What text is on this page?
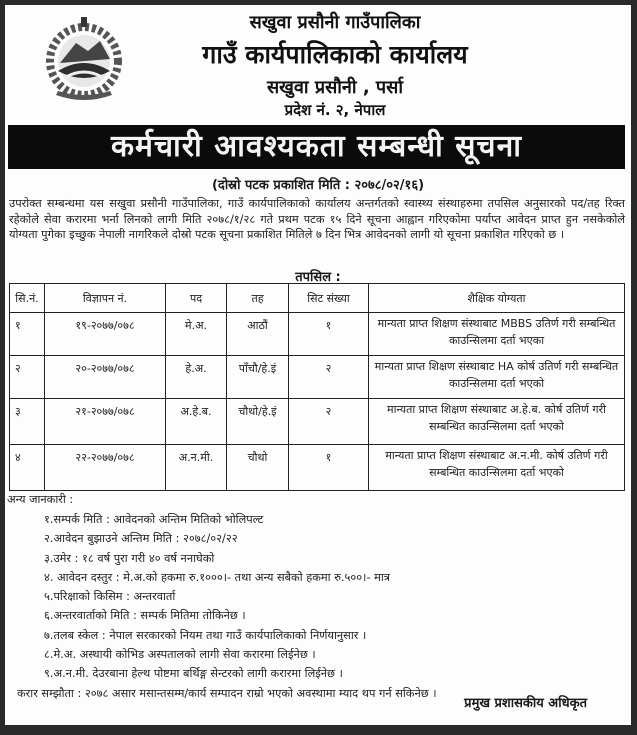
सखुवा प्रसौनी गाउँपालिका
गाउँ कार्यपालिकाको कार्यालय
सखुवा प्रसौनी , पर्सा
प्रदेश नं. २, नेपाल
कर्मचारी आवश्यकता सम्बन्धी सूचना
(दोस्रो पटक प्रकाशित मिति : २०७८/०२/१६)
उपरोक्त सम्बन्धमा यस सखुवा प्रसौनी गाउँपालिका, गाउँ कार्यपालिकाको कार्यालय अन्तर्गतको स्वास्थ्य संस्थाहरुमा तपसिल अनुसारको पद/तह रिक्त रहेकोले सेवा करारमा भर्ना लिनको लागी मिति २०७८/१/२८ गते प्रथम पटक १५ दिने सूचना आह्वान गरिएकोमा पर्याप्त आवेदन प्राप्त हुन नसकेकोले योग्यता पुगेका इच्छुक नेपाली नागरिकले दोस्रो पटक सूचना प्रकाशित मितिले ७ दिन भित्र आवेदनको लागी यो सूचना प्रकाशित गरिएको छ ।
तपसिल :
सि.नं.	विज्ञापन नं.	पद	तह	सिट संख्या	शैक्षिक योग्यता
१	१९-२०७७/०७८	मे.अ.	आठौं	१	मान्यता प्राप्त शिक्षण संस्थाबाट MBBS उतिर्ण गरी सम्बन्धित काउन्सिलमा दर्ता भएका
२	२०-२०७७/०७८	हे.अ.	पाँचौ/हे.इं	२	मान्यता प्राप्त शिक्षण संस्थाबाट HA कोर्ष उतिर्ण गरी सम्बन्धित काउन्सिलमा दर्ता भएको
३	२१-२०७७/०७८	अ.हे.ब.	चौथो/हे.इं	२	मान्यता प्राप्त शिक्षण संस्थाबाट अ.हे.ब. कोर्ष उतिर्ण गरी सम्बन्धित काउन्सिलमा दर्ता भएको
४	२२-२०७७/०७८	अ.न.मी.	चौथो	१	मान्यता प्राप्त शिक्षण संस्थाबाट अ.न.मी. कोर्ष उतिर्ण गरी सम्बन्धित काउन्सिलमा दर्ता भएको
अन्य जानकारी :
१.सम्पर्क मिति : आवेदनको अन्तिम मितिको भोलिपल्ट
२.आवेदन बुझाउने अन्तिम मिति : २०७८/०२/२२
३.उमेर : १८ वर्ष पुरा गरी ४० वर्ष ननाघेको
४. आवेदन दस्तुर : मे.अ.को हकमा रु.१०००।- तथा अन्य सबैको हकमा रु.५००।- मात्र
५.परिक्षाको किसिम : अन्तरवार्ता
६.अन्तरवार्ताको मिति : सम्पर्क मितिमा तोकिनेछ ।
७.तलब स्केल : नेपाल सरकारको नियम तथा गाउँ कार्यपालिकाको निर्णयानुसार ।
८.मे.अ. अस्थायी कोभिड अस्पतालको लागी सेवा करारमा लिईनेछ ।
९.अ.न.मी. देउरबाना हेल्थ पोष्टमा बर्थिङ्ग सेन्टरको लागी करारमा लिईनेछ ।
करार सम्झौता : २०७८ असार मसान्तसम्म/कार्य सम्पादन राम्रो भएको अवस्थामा म्याद थप गर्न सकिनेछ ।
प्रमुख प्रशासकीय अधिकृत
